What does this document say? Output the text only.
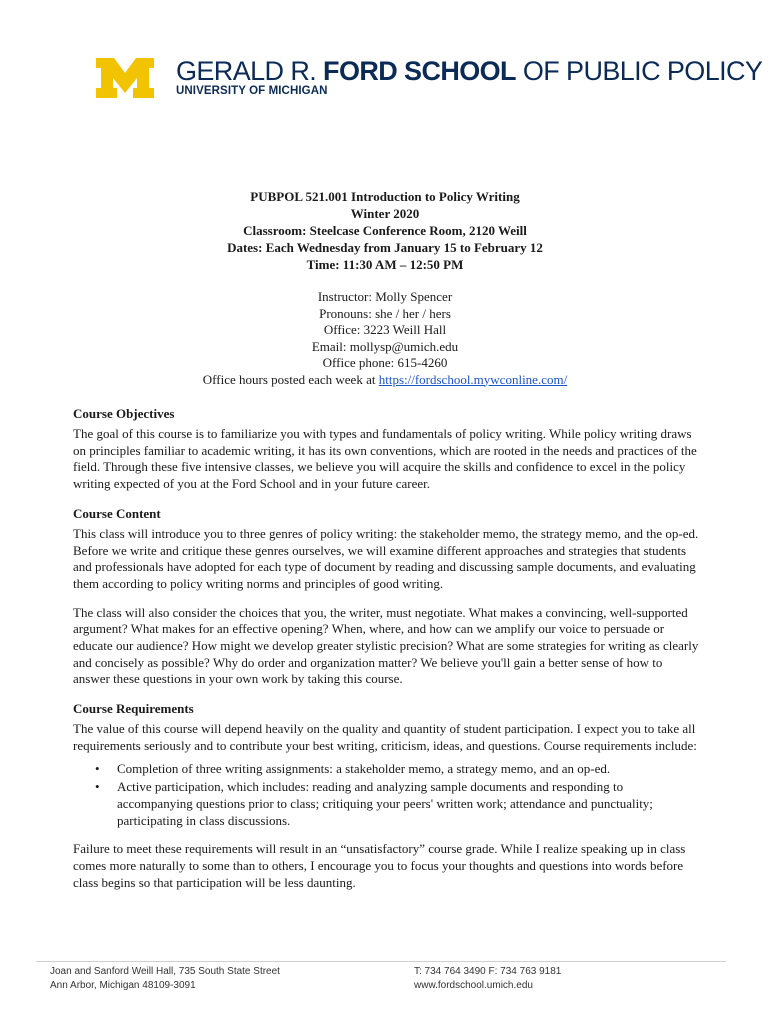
GERALD R. FORD SCHOOL OF PUBLIC POLICY
UNIVERSITY OF MICHIGAN
PUBPOL 521.001 Introduction to Policy Writing
Winter 2020
Classroom: Steelcase Conference Room, 2120 Weill
Dates: Each Wednesday from January 15 to February 12
Time: 11:30 AM – 12:50 PM
Instructor: Molly Spencer
Pronouns: she / her / hers
Office: 3223 Weill Hall
Email: mollysp@umich.edu
Office phone: 615-4260
Office hours posted each week at https://fordschool.mywconline.com/
Course Objectives

The goal of this course is to familiarize you with types and fundamentals of policy writing. While policy writing draws on principles familiar to academic writing, it has its own conventions, which are rooted in the needs and practices of the field. Through these five intensive classes, we believe you will acquire the skills and confidence to excel in the policy writing expected of you at the Ford School and in your future career.

Course Content

This class will introduce you to three genres of policy writing: the stakeholder memo, the strategy memo, and the op-ed. Before we write and critique these genres ourselves, we will examine different approaches and strategies that students and professionals have adopted for each type of document by reading and discussing sample documents, and evaluating them according to policy writing norms and principles of good writing.

The class will also consider the choices that you, the writer, must negotiate. What makes a convincing, well-supported argument? What makes for an effective opening? When, where, and how can we amplify our voice to persuade or educate our audience? How might we develop greater stylistic precision? What are some strategies for writing as clearly and concisely as possible? Why do order and organization matter? We believe you'll gain a better sense of how to answer these questions in your own work by taking this course.

Course Requirements

The value of this course will depend heavily on the quality and quantity of student participation. I expect you to take all requirements seriously and to contribute your best writing, criticism, ideas, and questions. Course requirements include:

• Completion of three writing assignments: a stakeholder memo, a strategy memo, and an op-ed.
• Active participation, which includes: reading and analyzing sample documents and responding to accompanying questions prior to class; critiquing your peers' written work; attendance and punctuality; participating in class discussions.

Failure to meet these requirements will result in an “unsatisfactory” course grade. While I realize speaking up in class comes more naturally to some than to others, I encourage you to focus your thoughts and questions into words before class begins so that participation will be less daunting.

Joan and Sanford Weill Hall, 735 South State Street
Ann Arbor, Michigan 48109-3091
T: 734 764 3490 F: 734 763 9181
www.fordschool.umich.edu
